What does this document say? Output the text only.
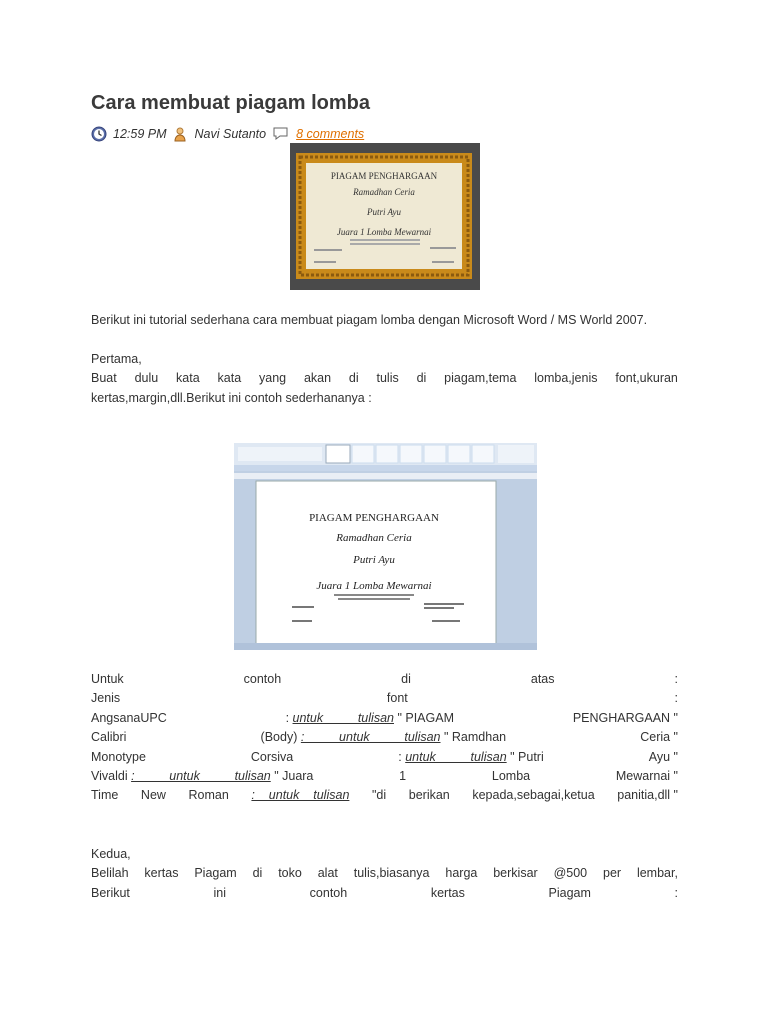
Cara membuat piagam lomba
12:59 PM Navi Sutanto 8 comments
PIAGAM PENGHARGAAN
Ramadhan Ceria
Putri Ayu
Juara 1 Lomba Mewarnai
Berikut ini tutorial sederhana cara membuat piagam lomba dengan Microsoft Word / MS World 2007.
Pertama,
Buat dulu kata kata yang akan di tulis di piagam,tema lomba,jenis font,ukuran
kertas,margin,dll.Berikut ini contoh sederhananya :
PIAGAM PENGHARGAAN
Ramadhan Ceria
Putri Ayu
Juara 1 Lomba Mewarnai
Untuk	contoh	di	atas	:
Jenis	font	:
AngsanaUPC	: untuk          tulisan " PIAGAM	PENGHARGAAN "
Calibri	(Body) :          untuk          tulisan " Ramdhan	Ceria "
Monotype	Corsiva	: untuk          tulisan " Putri	Ayu "
Vivaldi :          untuk          tulisan " Juara	1	Lomba	Mewarnai "
Time New Roman :    untuk    tulisan "di berikan kepada,sebagai,ketua panitia,dll "
Kedua,
Belilah kertas Piagam di toko alat tulis,biasanya harga berkisar @500 per lembar,
Berikut	ini	contoh	kertas	Piagam	:
